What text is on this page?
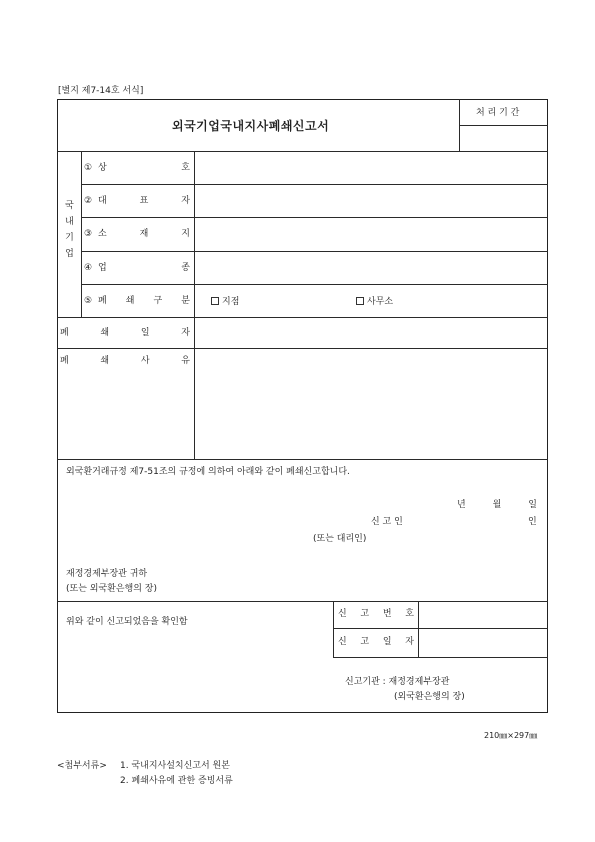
[별지 제7-14호 서식]
외국기업국내지사폐쇄신고서
처 리 기 간
국
내
기
업
① 상	호
② 대	표	자
③ 소	재	지
④ 업	종
⑤ 폐 쇄 구 분	지점	사무소
폐	쇄	일	자
폐	쇄	사	유
외국환거래규정 제7-51조의 규정에 의하여 아래와 같이 폐쇄신고합니다.
년	월	일
신 고 인	인
(또는 대리인)
재정경제부장관 귀하
(또는 외국환은행의 장)
위와 같이 신고되었음을 확인함
신 고 번 호
신 고 일 자
신고기관 : 재정경제부장관
(외국환은행의 장)
210㎜×297㎜
<첨부서류> 1. 국내지사설치신고서 원본
2. 폐쇄사유에 관한 증빙서류
